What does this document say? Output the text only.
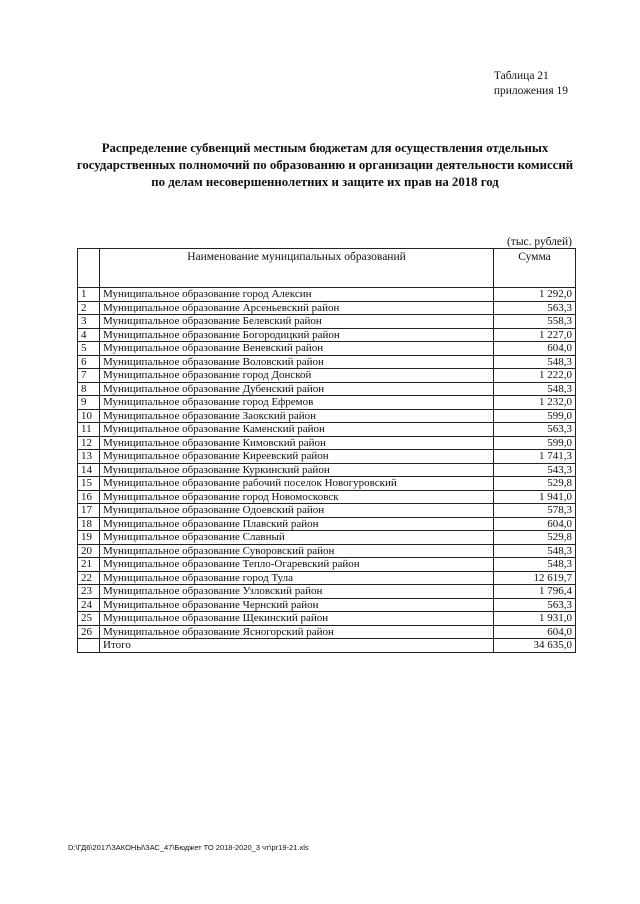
Таблица 21
приложения 19
Распределение субвенций местным бюджетам для осуществления отдельных
государственных полномочий по образованию и организации деятельности комиссий
по делам несовершеннолетних и защите их прав на 2018 год
(тыс. рублей)
	Наименование муниципальных образований	Сумма
1	Муниципальное образование город Алексин	1 292,0
2	Муниципальное образование Арсеньевский район	563,3
3	Муниципальное образование Белевский район	558,3
4	Муниципальное образование Богородицкий район	1 227,0
5	Муниципальное образование Веневский район	604,0
6	Муниципальное образование Воловский район	548,3
7	Муниципальное образование город Донской	1 222,0
8	Муниципальное образование Дубенский район	548,3
9	Муниципальное образование город Ефремов	1 232,0
10	Муниципальное образование Заокский район	599,0
11	Муниципальное образование Каменский район	563,3
12	Муниципальное образование Кимовский район	599,0
13	Муниципальное образование Киреевский район	1 741,3
14	Муниципальное образование Куркинский район	543,3
15	Муниципальное образование рабочий поселок Новогуровский	529,8
16	Муниципальное образование город Новомосковск	1 941,0
17	Муниципальное образование Одоевский район	578,3
18	Муниципальное образование Плавский район	604,0
19	Муниципальное образование Славный	529,8
20	Муниципальное образование Суворовский район	548,3
21	Муниципальное образование Тепло-Огаревский район	548,3
22	Муниципальное образование город Тула	12 619,7
23	Муниципальное образование Узловский район	1 796,4
24	Муниципальное образование Чернский район	563,3
25	Муниципальное образование Щекинский район	1 931,0
26	Муниципальное образование Ясногорский район	604,0
	Итого	34 635,0
D:\ГД6\2017\ЗАКОНЫ\ЗАС_47\Бюджет ТО 2018-2020_3 чт\pr19-21.xls
